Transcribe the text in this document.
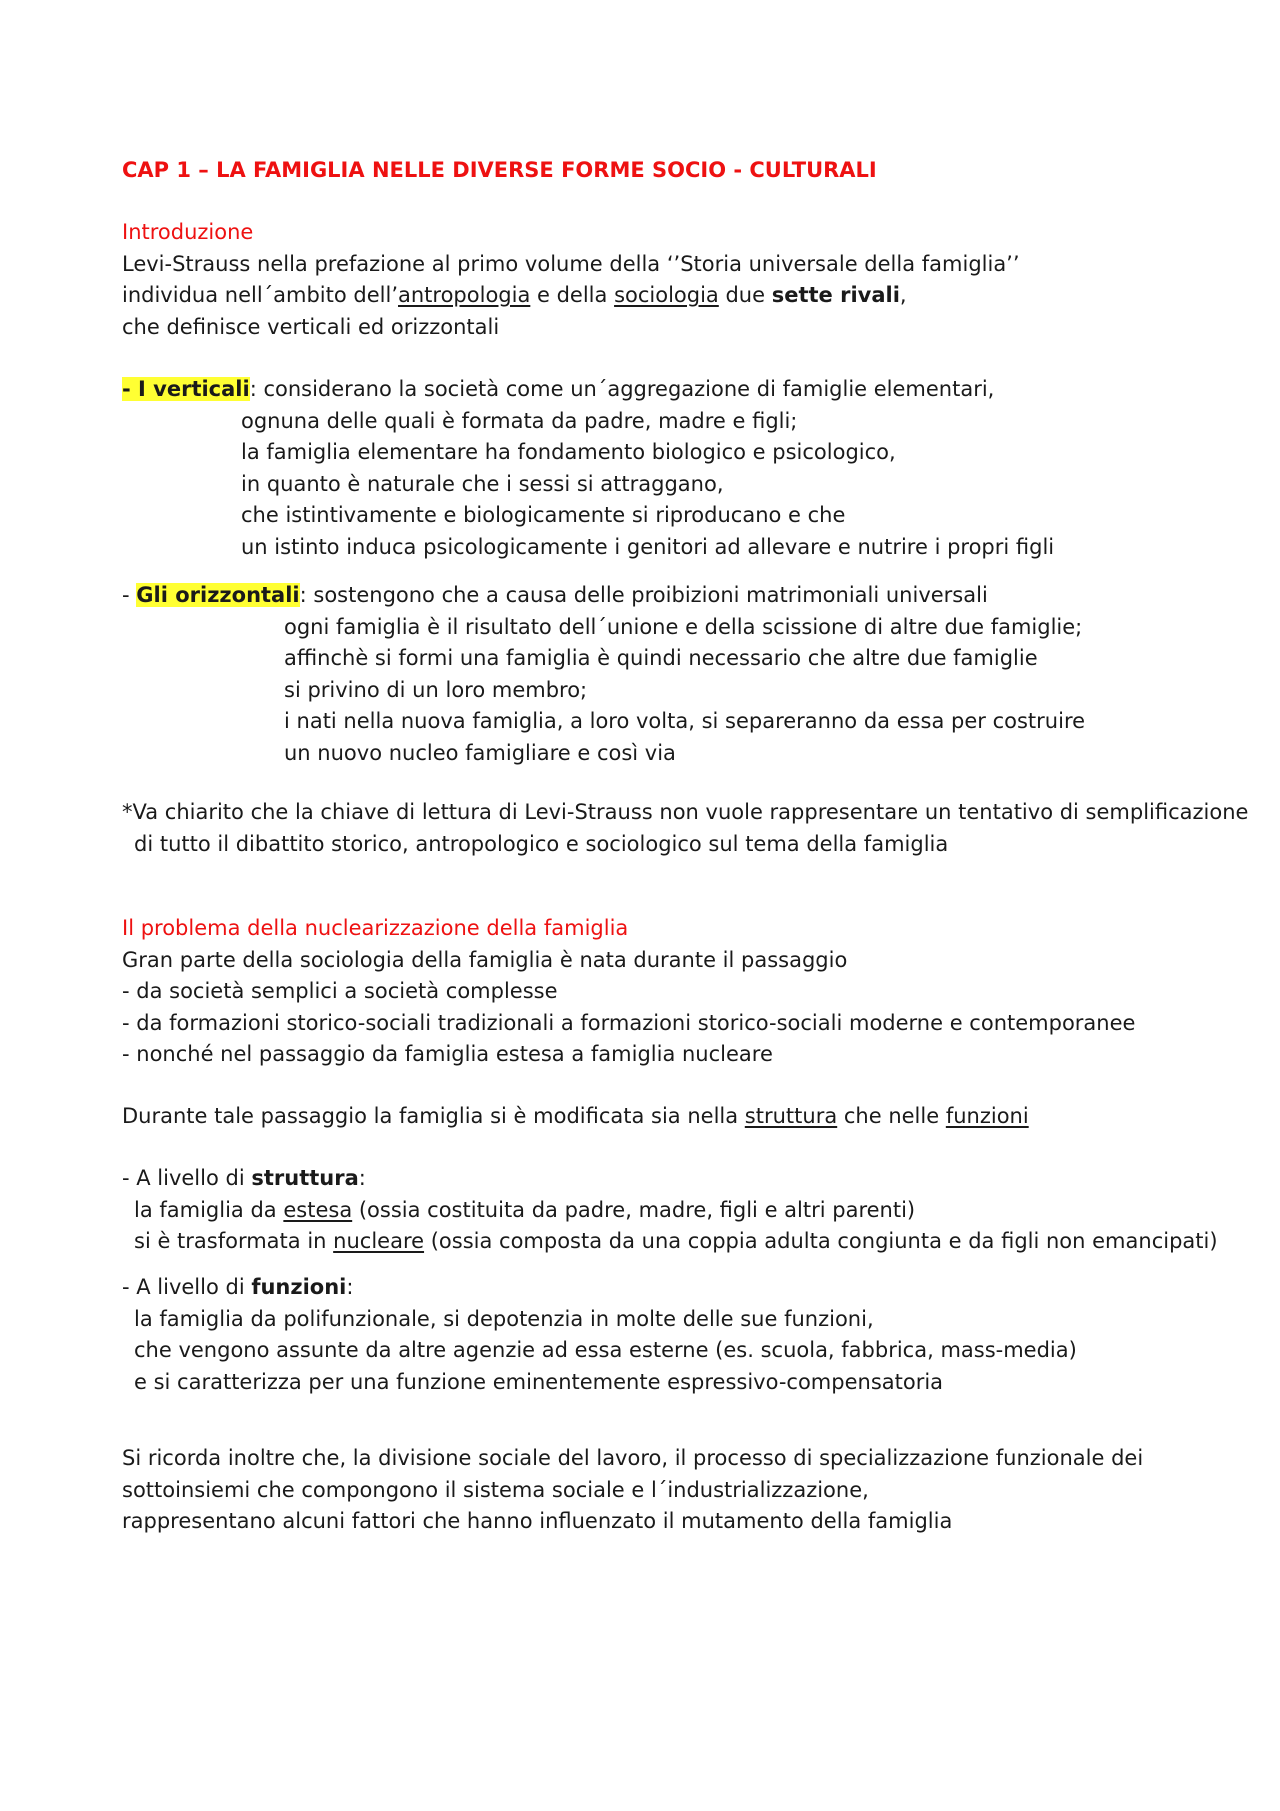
CAP 1 – LA FAMIGLIA NELLE DIVERSE FORME SOCIO - CULTURALI
Introduzione
Levi-Strauss nella prefazione al primo volume della ‘’Storia universale della famiglia’’
individua nell´ambito dell’antropologia e della sociologia due sette rivali,
che definisce verticali ed orizzontali
- I verticali: considerano la società come un´aggregazione di famiglie elementari,
ognuna delle quali è formata da padre, madre e figli;
la famiglia elementare ha fondamento biologico e psicologico,
in quanto è naturale che i sessi si attraggano,
che istintivamente e biologicamente si riproducano e che
un istinto induca psicologicamente i genitori ad allevare e nutrire i propri figli
- Gli orizzontali: sostengono che a causa delle proibizioni matrimoniali universali
ogni famiglia è il risultato dell´unione e della scissione di altre due famiglie;
affinchè si formi una famiglia è quindi necessario che altre due famiglie
si privino di un loro membro;
i nati nella nuova famiglia, a loro volta, si separeranno da essa per costruire
un nuovo nucleo famigliare e così via
*Va chiarito che la chiave di lettura di Levi-Strauss non vuole rappresentare un tentativo di semplificazione
di tutto il dibattito storico, antropologico e sociologico sul tema della famiglia
Il problema della nuclearizzazione della famiglia
Gran parte della sociologia della famiglia è nata durante il passaggio
- da società semplici a società complesse
- da formazioni storico-sociali tradizionali a formazioni storico-sociali moderne e contemporanee
- nonché nel passaggio da famiglia estesa a famiglia nucleare
Durante tale passaggio la famiglia si è modificata sia nella struttura che nelle funzioni
- A livello di struttura:
la famiglia da estesa (ossia costituita da padre, madre, figli e altri parenti)
si è trasformata in nucleare (ossia composta da una coppia adulta congiunta e da figli non emancipati)
- A livello di funzioni:
la famiglia da polifunzionale, si depotenzia in molte delle sue funzioni,
che vengono assunte da altre agenzie ad essa esterne (es. scuola, fabbrica, mass-media)
e si caratterizza per una funzione eminentemente espressivo-compensatoria
Si ricorda inoltre che, la divisione sociale del lavoro, il processo di specializzazione funzionale dei
sottoinsiemi che compongono il sistema sociale e l´industrializzazione,
rappresentano alcuni fattori che hanno influenzato il mutamento della famiglia
